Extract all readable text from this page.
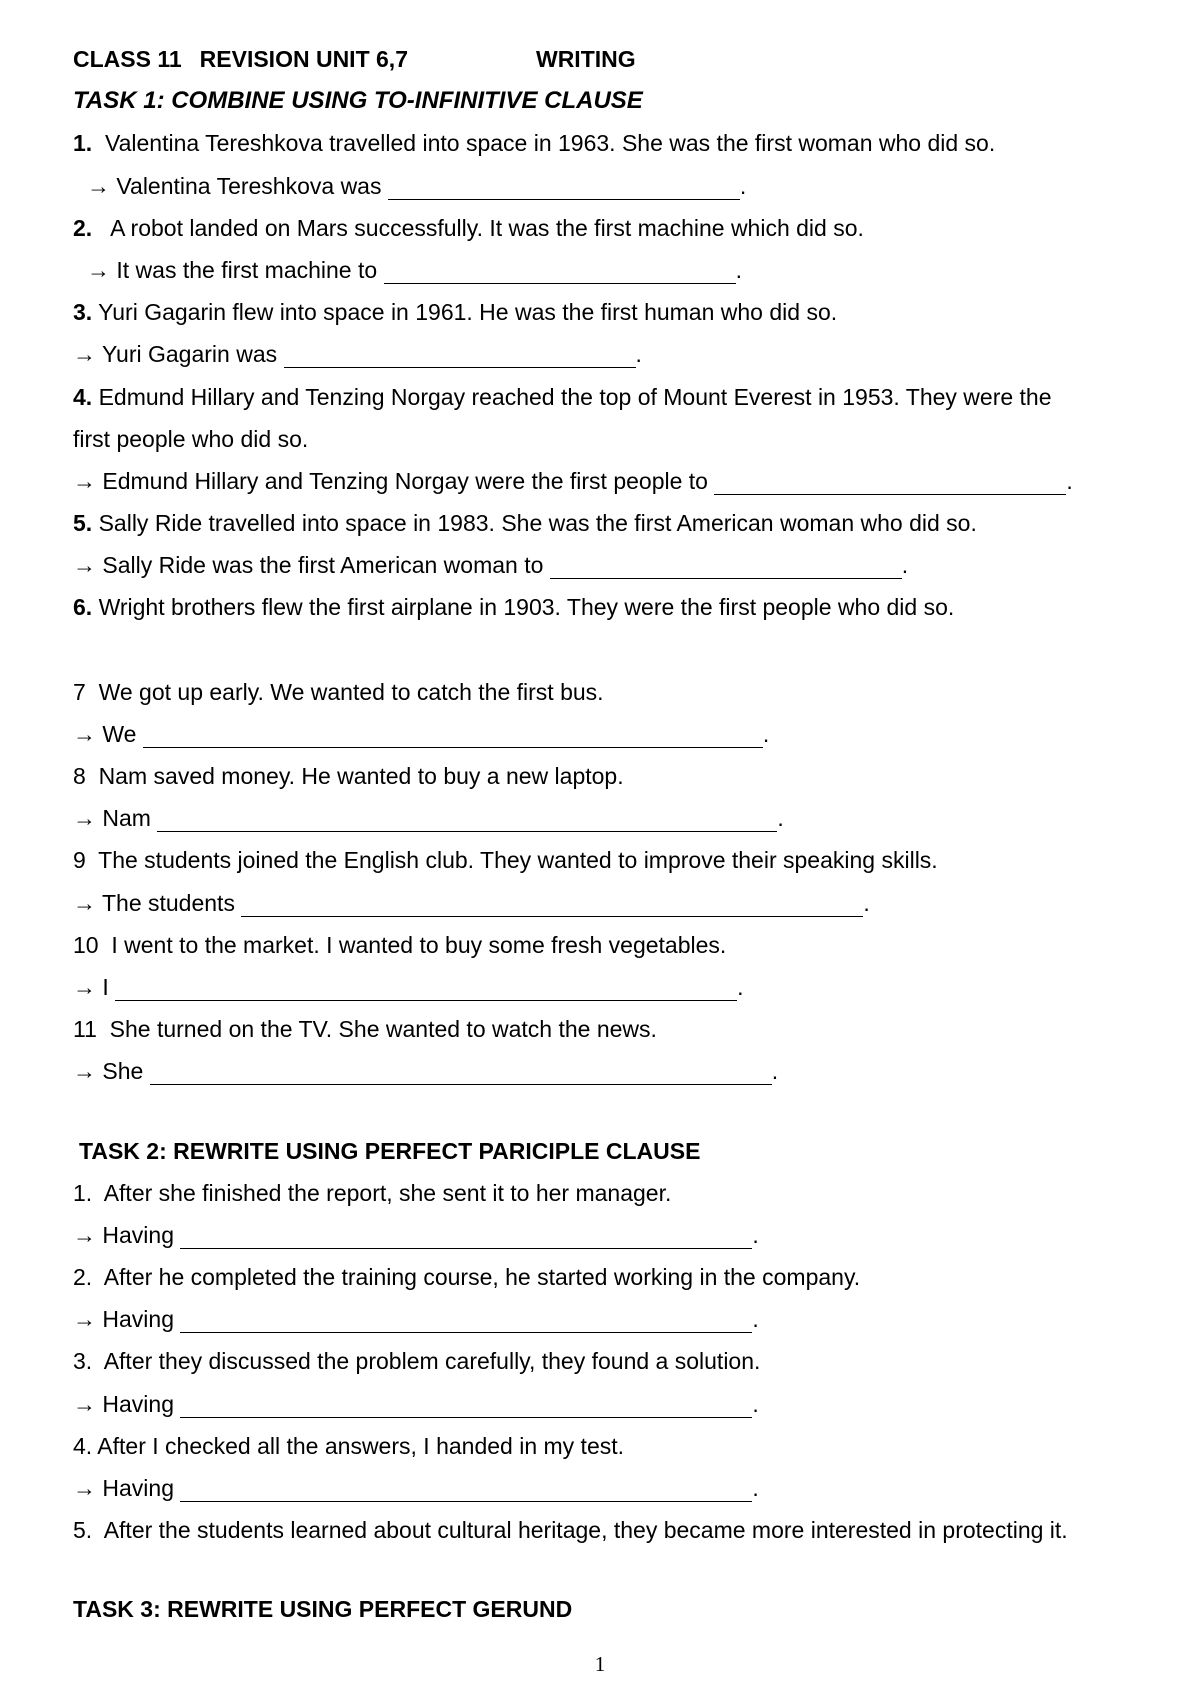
CLASS 11 REVISION UNIT 6,7	WRITING
TASK 1: COMBINE USING TO-INFINITIVE CLAUSE
1.  Valentina Tereshkova travelled into space in 1963. She was the first woman who did so.
→ Valentina Tereshkova was	.
2.   A robot landed on Mars successfully. It was the first machine which did so.
→ It was the first machine to	.
3. Yuri Gagarin flew into space in 1961. He was the first human who did so.
→ Yuri Gagarin was	.
4. Edmund Hillary and Tenzing Norgay reached the top of Mount Everest in 1953. They were the
first people who did so.
→ Edmund Hillary and Tenzing Norgay were the first people to	.
5. Sally Ride travelled into space in 1983. She was the first American woman who did so.
→ Sally Ride was the first American woman to	.
6. Wright brothers flew the first airplane in 1903. They were the first people who did so.
7  We got up early. We wanted to catch the first bus.
→ We	.
8  Nam saved money. He wanted to buy a new laptop.
→ Nam	.
9  The students joined the English club. They wanted to improve their speaking skills.
→ The students	.
10  I went to the market. I wanted to buy some fresh vegetables.
→ I	.
11  She turned on the TV. She wanted to watch the news.
→ She	.
TASK 2: REWRITE USING PERFECT PARICIPLE CLAUSE
1.  After she finished the report, she sent it to her manager.
→ Having	.
2.  After he completed the training course, he started working in the company.
→ Having	.
3.  After they discussed the problem carefully, they found a solution.
→ Having	.
4. After I checked all the answers, I handed in my test.
→ Having	.
5.  After the students learned about cultural heritage, they became more interested in protecting it.
TASK 3: REWRITE USING PERFECT GERUND
1
